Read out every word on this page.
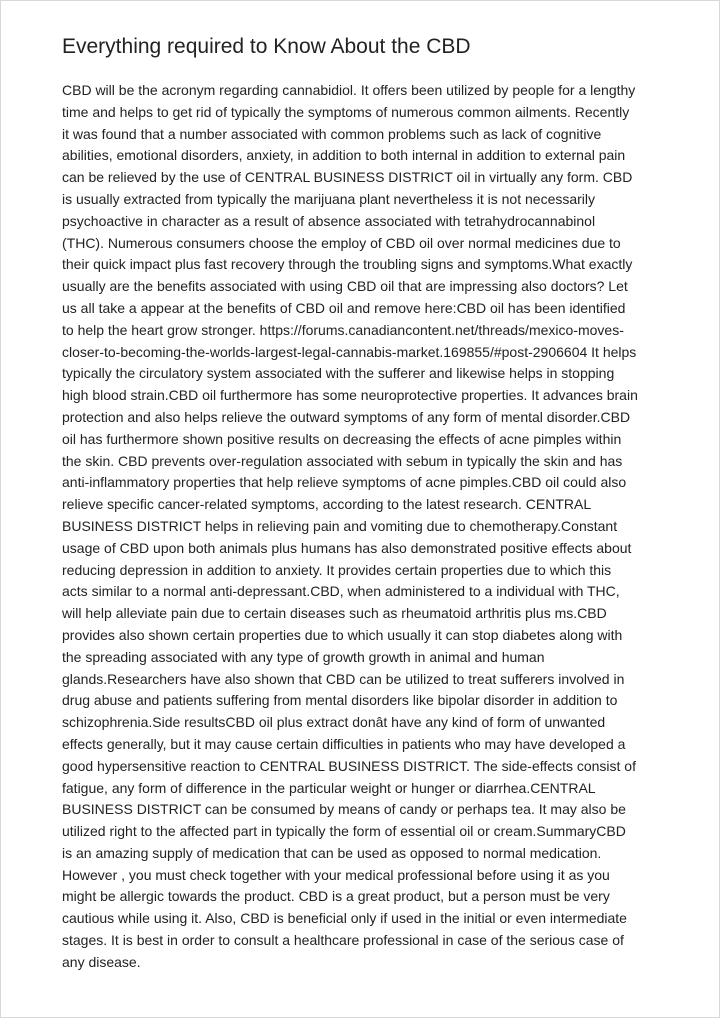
Everything required to Know About the CBD
CBD will be the acronym regarding cannabidiol. It offers been utilized by people for a lengthy
time and helps to get rid of typically the symptoms of numerous common ailments. Recently
it was found that a number associated with common problems such as lack of cognitive
abilities, emotional disorders, anxiety, in addition to both internal in addition to external pain
can be relieved by the use of CENTRAL BUSINESS DISTRICT oil in virtually any form. CBD
is usually extracted from typically the marijuana plant nevertheless it is not necessarily
psychoactive in character as a result of absence associated with tetrahydrocannabinol
(THC). Numerous consumers choose the employ of CBD oil over normal medicines due to
their quick impact plus fast recovery through the troubling signs and symptoms.What exactly
usually are the benefits associated with using CBD oil that are impressing also doctors? Let
us all take a appear at the benefits of CBD oil and remove here:CBD oil has been identified
to help the heart grow stronger. https://forums.canadiancontent.net/threads/mexico-moves-
closer-to-becoming-the-worlds-largest-legal-cannabis-market.169855/#post-2906604 It helps
typically the circulatory system associated with the sufferer and likewise helps in stopping
high blood strain.CBD oil furthermore has some neuroprotective properties. It advances brain
protection and also helps relieve the outward symptoms of any form of mental disorder.CBD
oil has furthermore shown positive results on decreasing the effects of acne pimples within
the skin. CBD prevents over-regulation associated with sebum in typically the skin and has
anti-inflammatory properties that help relieve symptoms of acne pimples.CBD oil could also
relieve specific cancer-related symptoms, according to the latest research. CENTRAL
BUSINESS DISTRICT helps in relieving pain and vomiting due to chemotherapy.Constant
usage of CBD upon both animals plus humans has also demonstrated positive effects about
reducing depression in addition to anxiety. It provides certain properties due to which this
acts similar to a normal anti-depressant.CBD, when administered to a individual with THC,
will help alleviate pain due to certain diseases such as rheumatoid arthritis plus ms.CBD
provides also shown certain properties due to which usually it can stop diabetes along with
the spreading associated with any type of growth growth in animal and human
glands.Researchers have also shown that CBD can be utilized to treat sufferers involved in
drug abuse and patients suffering from mental disorders like bipolar disorder in addition to
schizophrenia.Side resultsCBD oil plus extract donât have any kind of form of unwanted
effects generally, but it may cause certain difficulties in patients who may have developed a
good hypersensitive reaction to CENTRAL BUSINESS DISTRICT. The side-effects consist of
fatigue, any form of difference in the particular weight or hunger or diarrhea.CENTRAL
BUSINESS DISTRICT can be consumed by means of candy or perhaps tea. It may also be
utilized right to the affected part in typically the form of essential oil or cream.SummaryCBD
is an amazing supply of medication that can be used as opposed to normal medication.
However , you must check together with your medical professional before using it as you
might be allergic towards the product. CBD is a great product, but a person must be very
cautious while using it. Also, CBD is beneficial only if used in the initial or even intermediate
stages. It is best in order to consult a healthcare professional in case of the serious case of
any disease.
